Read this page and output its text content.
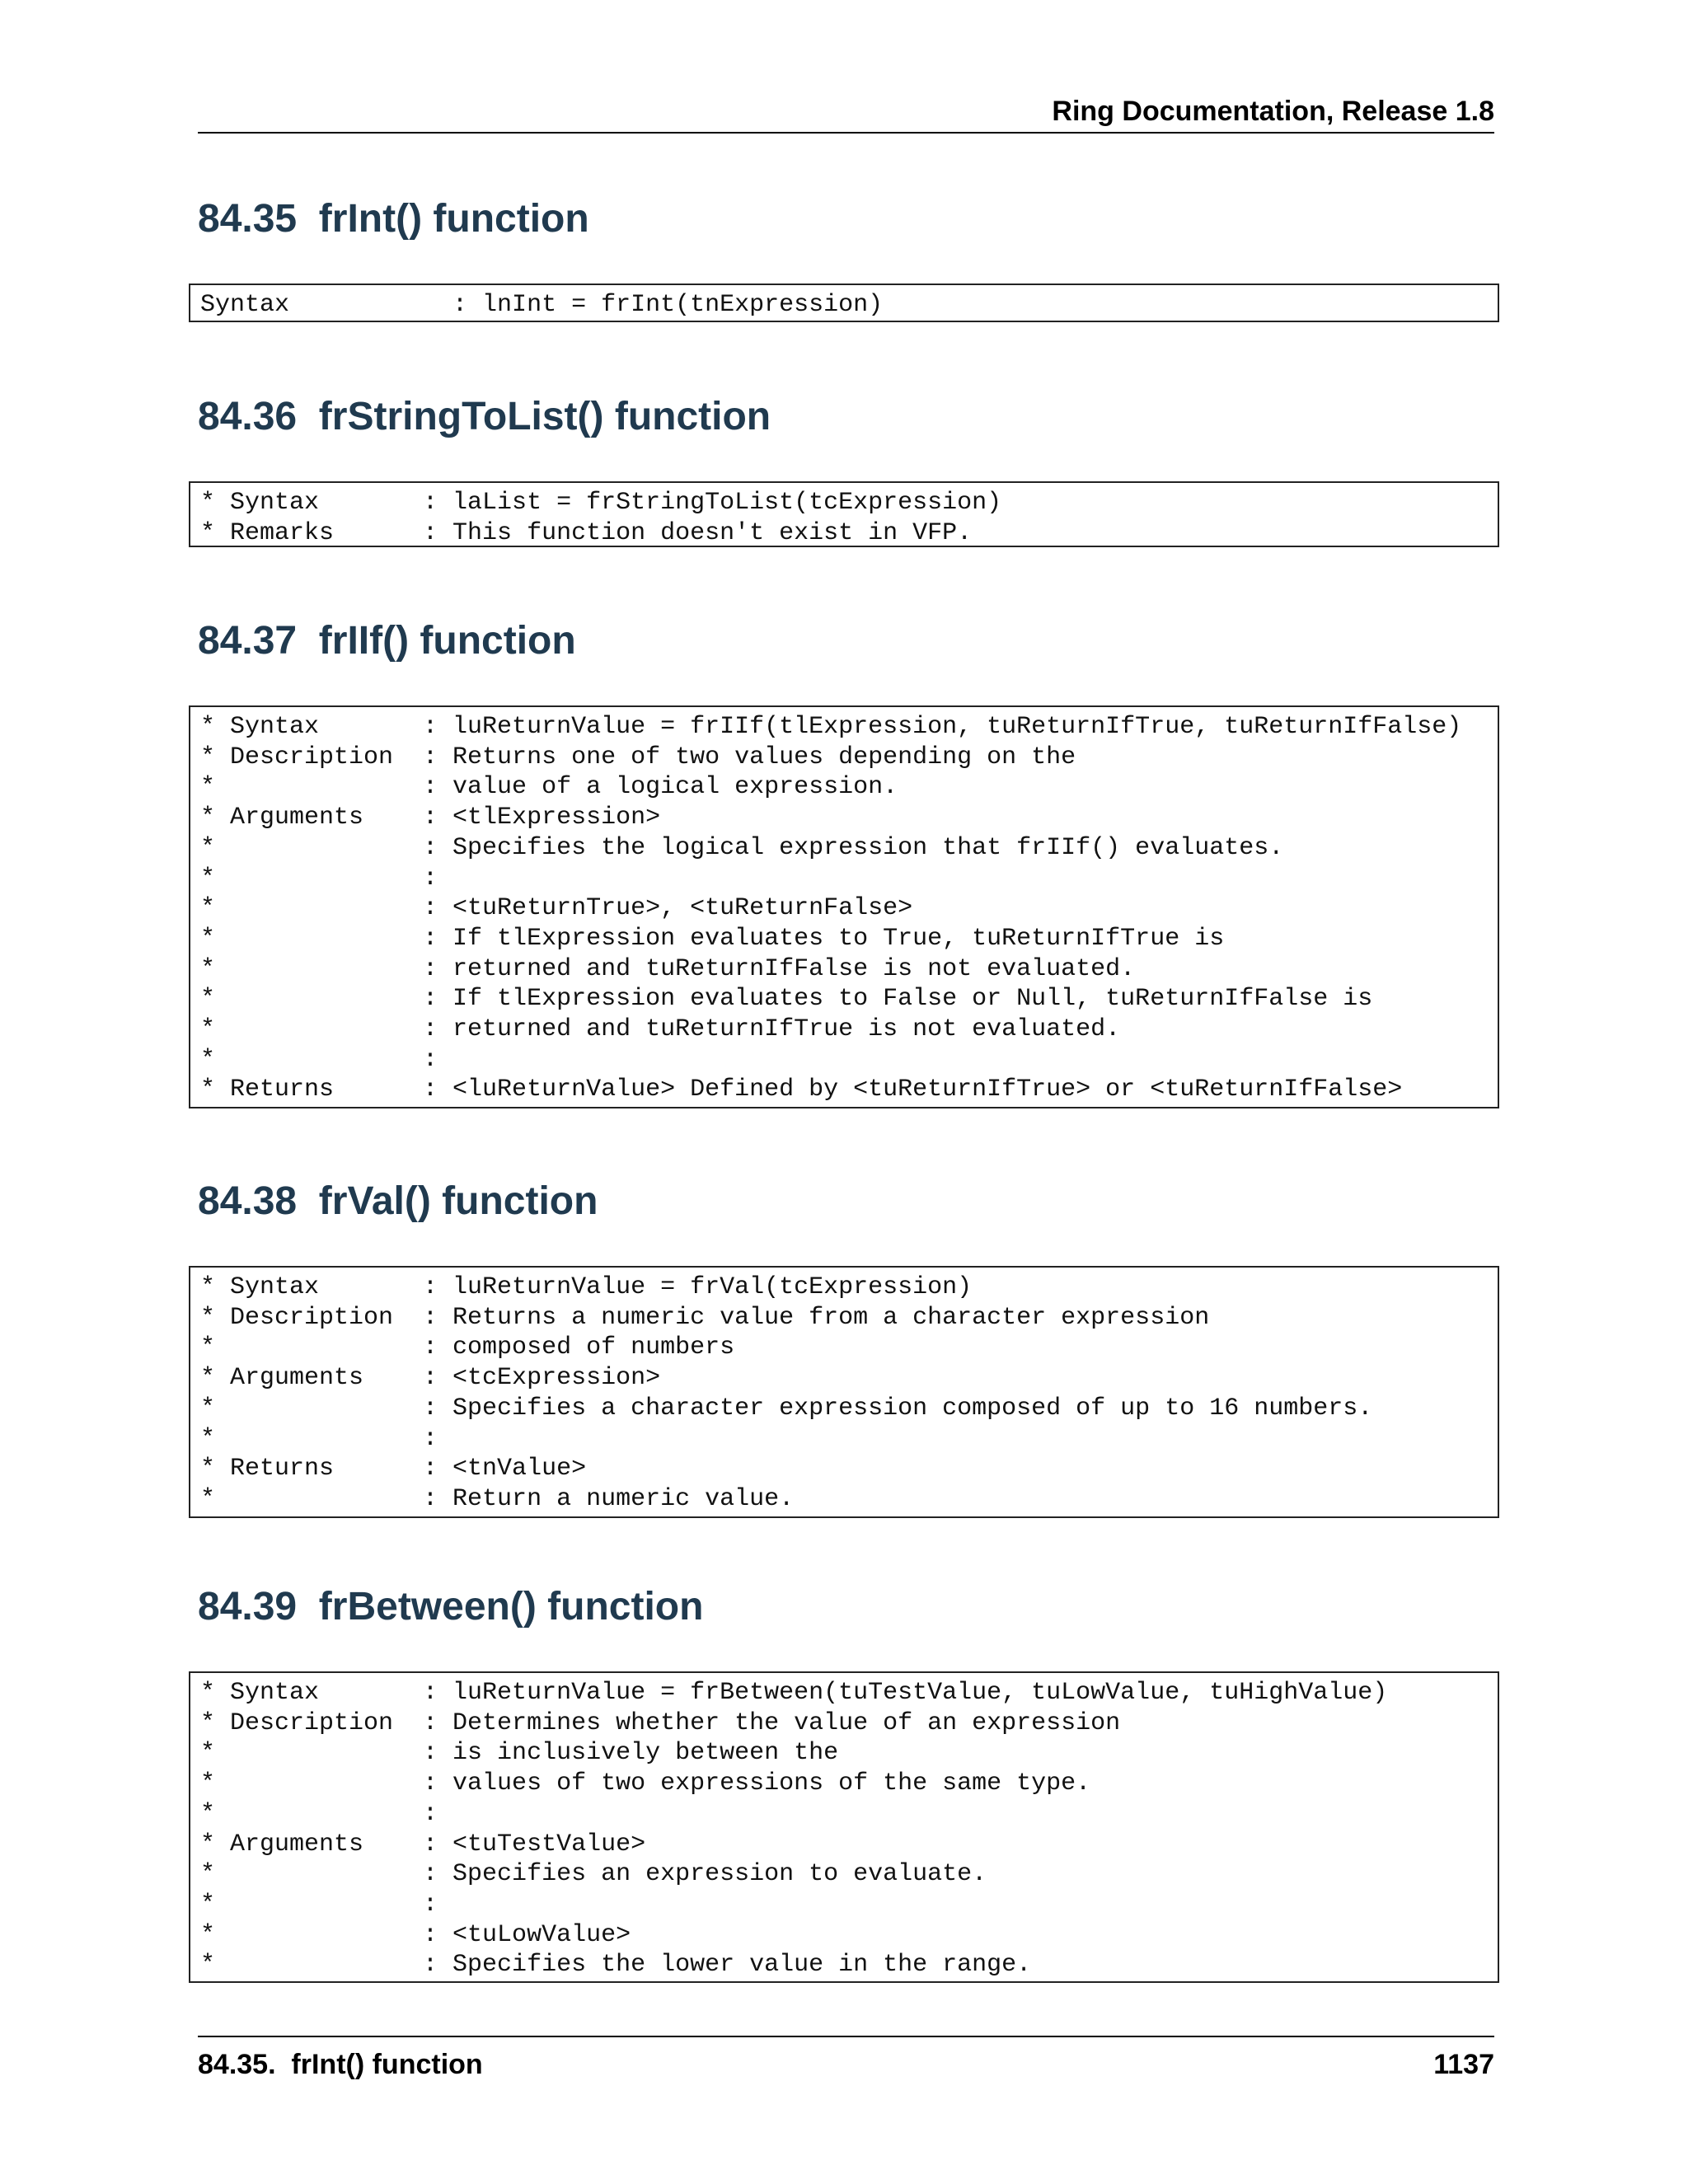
Ring Documentation, Release 1.8
84.35  frInt() function
Syntax           : lnInt = frInt(tnExpression)
84.36  frStringToList() function
* Syntax       : laList = frStringToList(tcExpression)
* Remarks      : This function doesn't exist in VFP.
84.37  frIIf() function
* Syntax       : luReturnValue = frIIf(tlExpression, tuReturnIfTrue, tuReturnIfFalse)
* Description  : Returns one of two values depending on the
*              : value of a logical expression.
* Arguments    : <tlExpression>
*              : Specifies the logical expression that frIIf() evaluates.
*              :
*              : <tuReturnTrue>, <tuReturnFalse>
*              : If tlExpression evaluates to True, tuReturnIfTrue is
*              : returned and tuReturnIfFalse is not evaluated.
*              : If tlExpression evaluates to False or Null, tuReturnIfFalse is
*              : returned and tuReturnIfTrue is not evaluated.
*              :
* Returns      : <luReturnValue> Defined by <tuReturnIfTrue> or <tuReturnIfFalse>
84.38  frVal() function
* Syntax       : luReturnValue = frVal(tcExpression)
* Description  : Returns a numeric value from a character expression
*              : composed of numbers
* Arguments    : <tcExpression>
*              : Specifies a character expression composed of up to 16 numbers.
*              :
* Returns      : <tnValue>
*              : Return a numeric value.
84.39  frBetween() function
* Syntax       : luReturnValue = frBetween(tuTestValue, tuLowValue, tuHighValue)
* Description  : Determines whether the value of an expression
*              : is inclusively between the
*              : values of two expressions of the same type.
*              :
* Arguments    : <tuTestValue>
*              : Specifies an expression to evaluate.
*              :
*              : <tuLowValue>
*              : Specifies the lower value in the range.
84.35.  frInt() function	1137
